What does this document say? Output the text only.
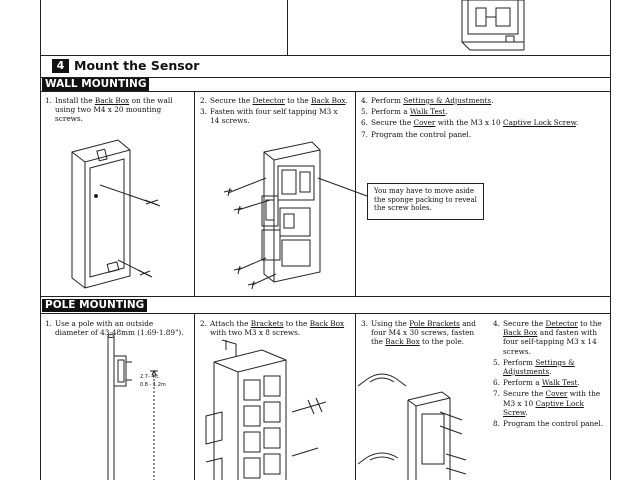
4 Mount the Sensor
WALL MOUNTING
POLE MOUNTING
1. Install the Back Box on the wall using two M4 x 20 mounting screws.
2. Secure the Detector to the Back Box.
3. Fasten with four self tapping M3 x 14 screws.
4. Perform Settings & Adjustments.
5. Perform a Walk Test.
6. Secure the Cover with the M3 x 10 Captive Lock Screw.
7. Program the control panel.
1. Use a pole with an outside diameter of 43-48mm (1.69-1.89").
2. Attach the Brackets to the Back Box with two M3 x 8 screws.
3. Using the Pole Brackets and four M4 x 30 screws, fasten the Back Box to the pole.
4. Secure the Detector to the Back Box and fasten with four self-tapping M3 x 14 screws.
5. Perform Settings & Adjustments.
6. Perform a Walk Test.
7. Secure the Cover with the M3 x 10 Captive Lock Screw.
8. Program the control panel.
You may have to move aside the sponge packing to reveal the screw holes.
2.7- 4ft.
0.8 - 1.2m
